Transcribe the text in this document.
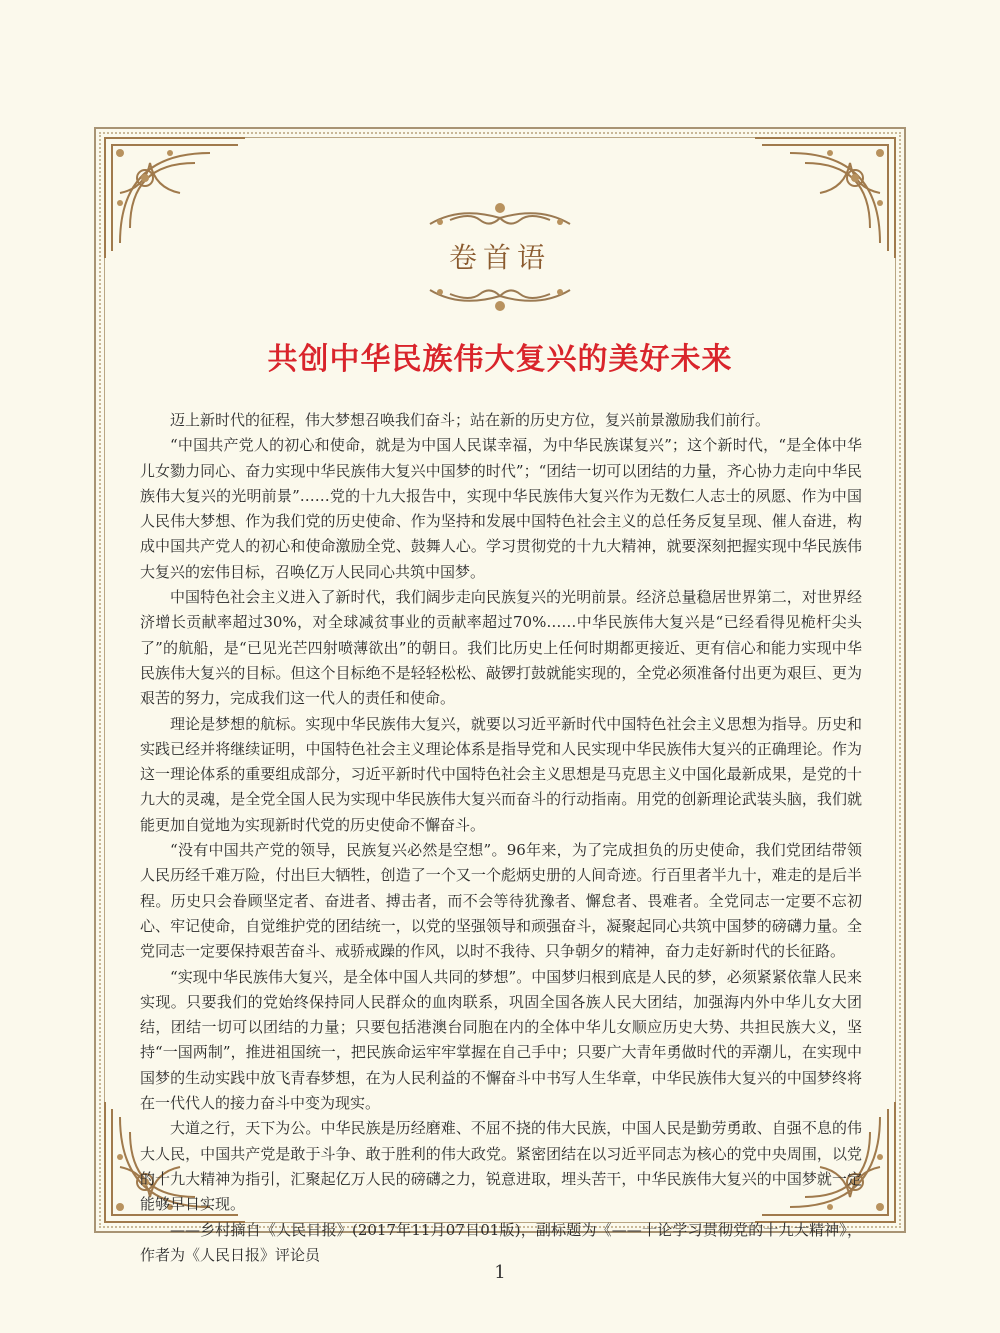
卷首语
共创中华民族伟大复兴的美好未来

迈上新时代的征程，伟大梦想召唤我们奋斗；站在新的历史方位，复兴前景激励我们前行。

“中国共产党人的初心和使命，就是为中国人民谋幸福，为中华民族谋复兴”；这个新时代，“是全体中华儿女勠力同心、奋力实现中华民族伟大复兴中国梦的时代”；“团结一切可以团结的力量，齐心协力走向中华民族伟大复兴的光明前景”……党的十九大报告中，实现中华民族伟大复兴作为无数仁人志士的夙愿、作为中国人民伟大梦想、作为我们党的历史使命、作为坚持和发展中国特色社会主义的总任务反复呈现、催人奋进，构成中国共产党人的初心和使命激励全党、鼓舞人心。学习贯彻党的十九大精神，就要深刻把握实现中华民族伟大复兴的宏伟目标，召唤亿万人民同心共筑中国梦。

中国特色社会主义进入了新时代，我们阔步走向民族复兴的光明前景。经济总量稳居世界第二，对世界经济增长贡献率超过30%，对全球减贫事业的贡献率超过70%……中华民族伟大复兴是“已经看得见桅杆尖头了”的航船，是“已见光芒四射喷薄欲出”的朝日。我们比历史上任何时期都更接近、更有信心和能力实现中华民族伟大复兴的目标。但这个目标绝不是轻轻松松、敲锣打鼓就能实现的，全党必须准备付出更为艰巨、更为艰苦的努力，完成我们这一代人的责任和使命。

理论是梦想的航标。实现中华民族伟大复兴，就要以习近平新时代中国特色社会主义思想为指导。历史和实践已经并将继续证明，中国特色社会主义理论体系是指导党和人民实现中华民族伟大复兴的正确理论。作为这一理论体系的重要组成部分，习近平新时代中国特色社会主义思想是马克思主义中国化最新成果，是党的十九大的灵魂，是全党全国人民为实现中华民族伟大复兴而奋斗的行动指南。用党的创新理论武装头脑，我们就能更加自觉地为实现新时代党的历史使命不懈奋斗。

“没有中国共产党的领导，民族复兴必然是空想”。96年来，为了完成担负的历史使命，我们党团结带领人民历经千难万险，付出巨大牺牲，创造了一个又一个彪炳史册的人间奇迹。行百里者半九十，难走的是后半程。历史只会眷顾坚定者、奋进者、搏击者，而不会等待犹豫者、懈怠者、畏难者。全党同志一定要不忘初心、牢记使命，自觉维护党的团结统一，以党的坚强领导和顽强奋斗，凝聚起同心共筑中国梦的磅礴力量。全党同志一定要保持艰苦奋斗、戒骄戒躁的作风，以时不我待、只争朝夕的精神，奋力走好新时代的长征路。

“实现中华民族伟大复兴，是全体中国人共同的梦想”。中国梦归根到底是人民的梦，必须紧紧依靠人民来实现。只要我们的党始终保持同人民群众的血肉联系，巩固全国各族人民大团结，加强海内外中华儿女大团结，团结一切可以团结的力量；只要包括港澳台同胞在内的全体中华儿女顺应历史大势、共担民族大义，坚持“一国两制”，推进祖国统一，把民族命运牢牢掌握在自己手中；只要广大青年勇做时代的弄潮儿，在实现中国梦的生动实践中放飞青春梦想，在为人民利益的不懈奋斗中书写人生华章，中华民族伟大复兴的中国梦终将在一代代人的接力奋斗中变为现实。

大道之行，天下为公。中华民族是历经磨难、不屈不挠的伟大民族，中国人民是勤劳勇敢、自强不息的伟大人民，中国共产党是敢于斗争、敢于胜利的伟大政党。紧密团结在以习近平同志为核心的党中央周围，以党的十九大精神为指引，汇聚起亿万人民的磅礴之力，锐意进取，埋头苦干，中华民族伟大复兴的中国梦就一定能够早日实现。

——乡村摘自《人民日报》(2017年11月07日01版)，副标题为《——十论学习贯彻党的十九大精神》，作者为《人民日报》评论员

1
